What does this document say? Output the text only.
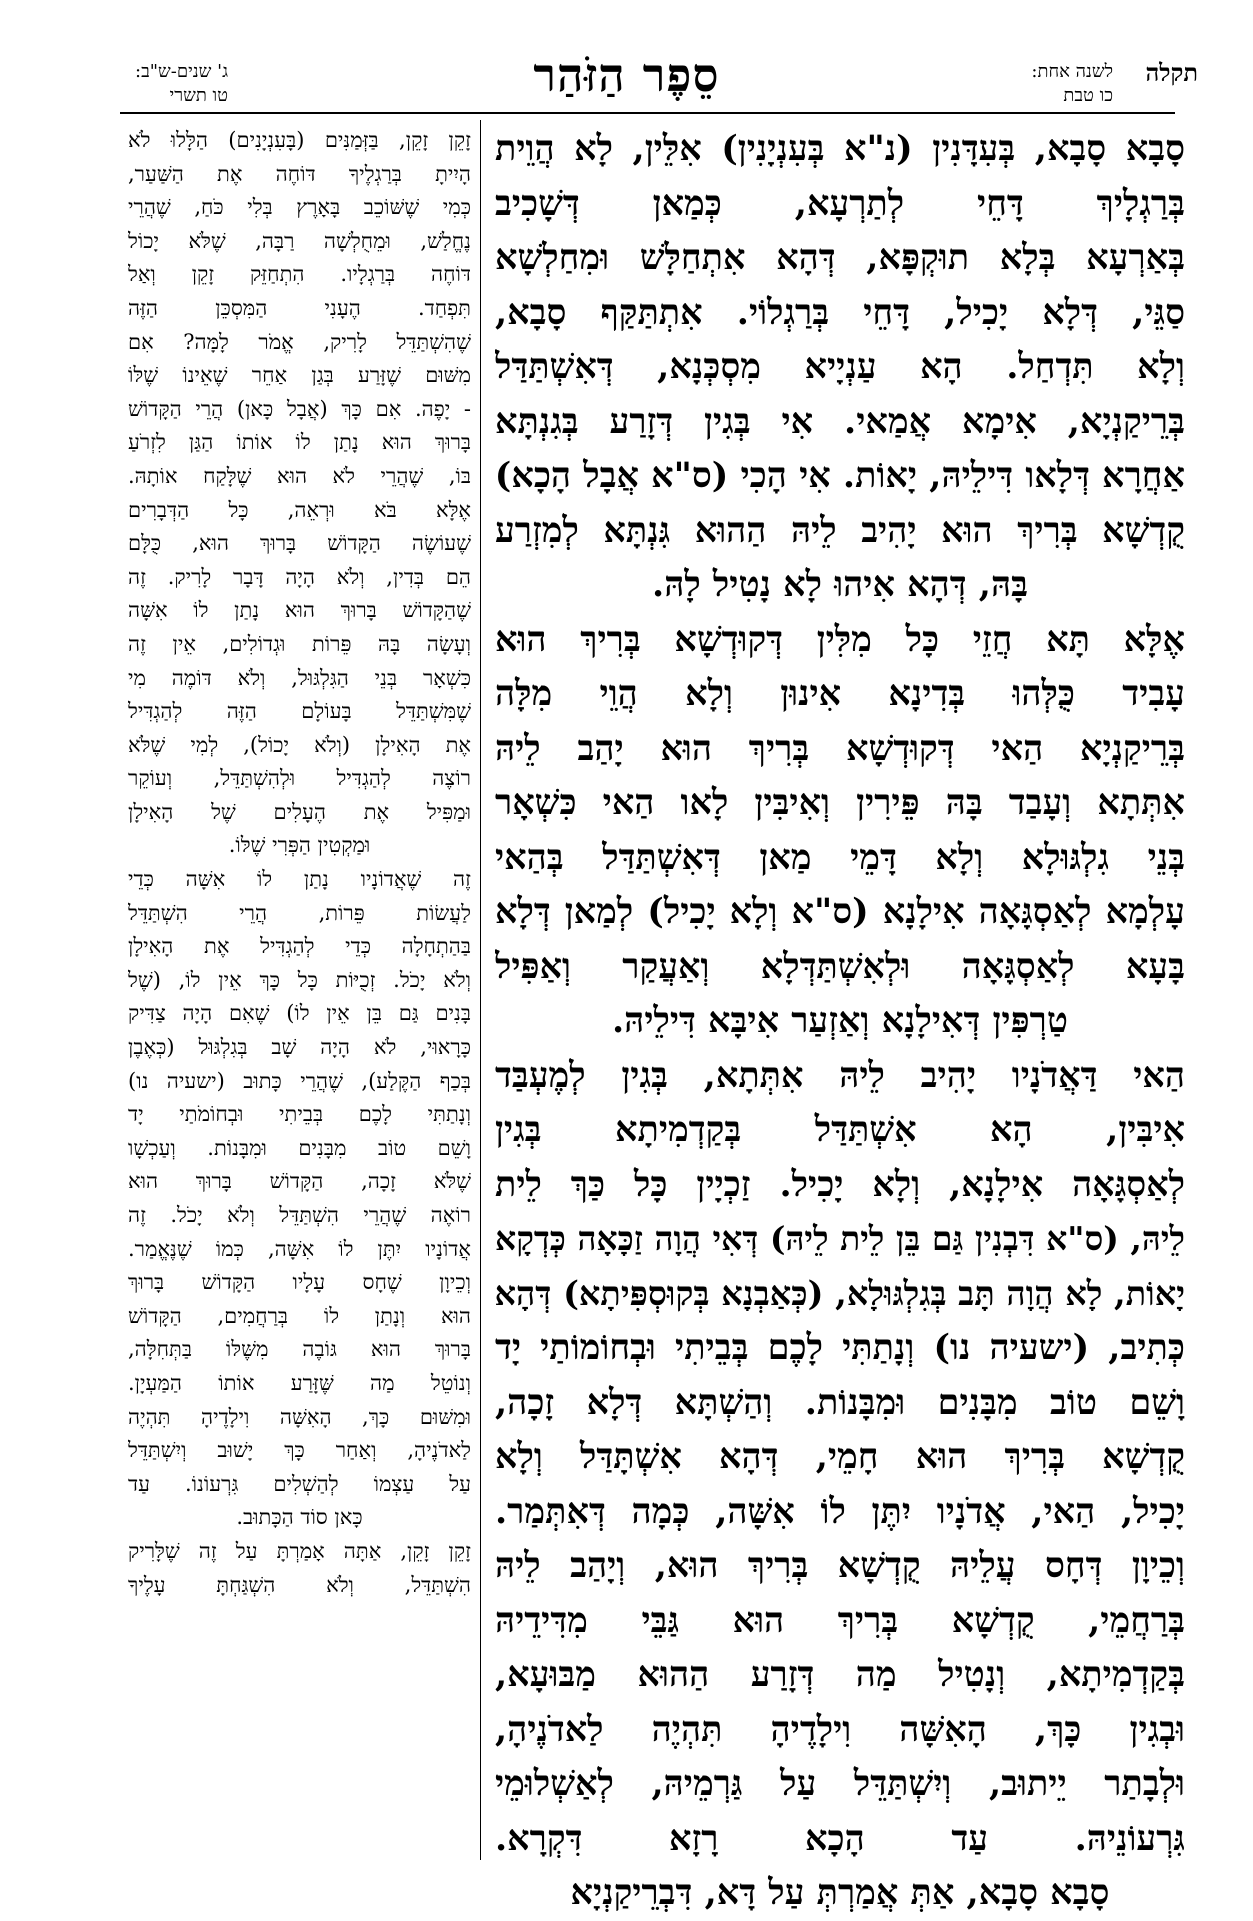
תקלה
לשנה אחת:
כו טבת
סֵפֶר הַזֹּהַר
ג' שנים-ש"ב:
טו תשרי
סָבָא סָבָא, בְּעִדָּנִין (נ"א בְּעִנְיָנִין) אִלֵּין, לָא הֲוֵית
בְּרַגְלָיךְ דָּחֵי לְתַרְעָא, כְּמַאן דְּשָׁכִיב
בְּאַרְעָא בְּלָא תוּקְפָּא, דְּהָא אִתְחַלָּשׁ וּמִחַלְשָׁא
סַגֵּי, דְּלָא יָכִיל, דָּחֵי בְּרַגְלוֹי. אִתְתַּקַּף סָבָא,
וְלָא תִּדְחַל. הָא עַנְיָיא מִסְכְּנָא, דְּאִשְׁתַּדַּל
בְּרֵיקַנְיָא, אִימָא אֲמַאי. אִי בְּגִין דְּזָרַע בְּגִנְתָּא
אַחֲרָא דְּלָאו דִּילֵיהּ, יָאוֹת. אִי הָכִי (ס"א אֲבָל הָכָא)
קֻדְשָׁא בְּרִיךְ הוּא יָהִיב לֵיהּ הַהוּא גִּנְתָּא לְמִזְרַע
בָּהּ, דְּהָא אִיהוּ לָא נָטִיל לָהּ.
אֶלָּא תָּא חֲזֵי כָּל מִלִּין דְּקוּדְשָׁא בְּרִיךְ הוּא
עָבִיד כֻּלְּהוּ בְּדִינָא אִינוּן וְלָא הֲוֵי מִלָּה
בְּרֵיקַנְיָא הַאי דְּקוּדְשָׁא בְּרִיךְ הוּא יָהַב לֵיהּ
אִתְּתָא וְעָבַד בָּהּ פֵּירִין וְאִיבִּין לָאו הַאי כִּשְׁאָר
בְּנֵי גִלְגּוּלָא וְלָא דָּמֵי מַאן דְּאִשְׁתַּדַּל בְּהַאי
עָלְמָא לְאַסְגָּאָה אִילָנָא (ס"א וְלָא יָכִיל) לְמַאן דְּלָא
בָּעָא לְאַסְגָּאָה וּלְאִשְׁתַּדְּלָא וְאַעֲקַר וְאַפִּיל
טַרְפִּין דְּאִילָנָא וְאַזְעַר אִיבָּא דִּילֵיהּ.
הַאי דַּאֲדֹנָיו יָהִיב לֵיהּ אִתְּתָא, בְּגִין לְמֶעְבַּד
אִיבִּין, הָא אִשְׁתַּדַּל בְּקַדְמִיתָא בְּגִין
לְאַסְגָּאָה אִילָנָא, וְלָא יָכִיל. זַכְיָין כָּל כַּךְ לֵית
לֵיהּ, (ס"א דִּבְנִין גַּם בֵּן לֵית לֵיהּ) דְּאִי הֲוָה זַכָּאָה כְּדְקָא
יָאוֹת, לָא הֲוָה תָּב בְּגִלְגּוּלָא, (כְּאַבְנָא בְּקוּסְפִּיתָא) דְּהָא
כְּתִיב, (ישעיה נו) וְנָתַתִּי לָכֶם בְּבֵיתִי וּבְחוֹמוֹתַי יָד
וָשֵׁם טוֹב מִבָּנִים וּמִבָּנוֹת. וְהַשְׁתָּא דְּלָא זָכָה,
קֻדְשָׁא בְּרִיךְ הוּא חָמֵי, דְּהָא אִשְׁתָּדַּל וְלָא
יָכִיל, הַאי, אֲדֹנָיו יִתֶּן לוֹ אִשָּׁה, כְּמָה דְּאִתְּמַר.
וְכֵיוָן דְּחָס עֲלֵיהּ קֻדְשָׁא בְּרִיךְ הוּא, וְיָהַב לֵיהּ
בְּרַחֲמֵי, קֻדְשָׁא בְּרִיךְ הוּא גַּבֵּי מִדִּידֵיהּ
בְּקַדְמִיתָא, וְנָטִיל מַה דְּזָרַע הַהוּא מַבּוּעָא,
וּבְגִין כָּךְ, הָאִשָּׁה וִילָדֶיהָ תִּהְיֶה לַאדֹנֶיהָ,
וּלְבָתַר יֵיתוּב, וְיִשְׁתַּדֵּל עַל גַּרְמֵיהּ, לְאַשְׁלוּמֵי
גִּרְעוֹנֵיהּ. עַד הָכָא רָזָא דִּקְרָא.
סָבָא סָבָא, אַתְּ אֲמַרְתְּ עַל דָּא, דִּבְרֵיקַנְיָא
זָקֵן זָקֵן, בַּזְּמַנִּים (בָּעִנְיָנִים) הַלָּלוּ לֹא
הָיִיתָ בְּרַגְלֶיךָ דּוֹחֶה אֶת הַשַּׁעַר,
כְּמִי שֶׁשּׁוֹכֵב בָּאָרֶץ בְּלִי כֹּחַ, שֶׁהֲרֵי
נֶחֱלַשׁ, וּמֵחֻלְשָׁה רַבָּה, שֶׁלֹּא יָכוֹל
דּוֹחֶה בְּרַגְלָיו. הִתְחַזֵּק זָקֵן וְאַל
תִּפְחַד. הֶעָנִי הַמִּסְכֵּן הַזֶּה
שֶׁהִשְׁתַּדֵּל לָרִיק, אֱמֹר לָמָּה? אִם
מִשּׁוּם שֶׁזָּרַע בְּגַן אַחֵר שֶׁאֵינוֹ שֶׁלּוֹ
- יָפֶה. אִם כָּךְ (אֲבָל כָּאן) הֲרֵי הַקָּדוֹשׁ
בָּרוּךְ הוּא נָתַן לוֹ אוֹתוֹ הַגַּן לִזְרֹעַ
בּוֹ, שֶׁהֲרֵי לֹא הוּא שֶׁלָּקַח אוֹתָהּ.
אֶלָּא בֹּא וּרְאֵה, כָּל הַדְּבָרִים
שֶׁעוֹשֶׂה הַקָּדוֹשׁ בָּרוּךְ הוּא, כֻּלָּם
הֵם בְּדִין, וְלֹא הָיָה דָּבָר לָרִיק. זֶה
שֶׁהַקָּדוֹשׁ בָּרוּךְ הוּא נָתַן לוֹ אִשָּׁה
וְעָשָׂה בָּהּ פֵּרוֹת וּגְדוֹלִים, אֵין זֶה
כִּשְׁאָר בְּנֵי הַגִּלְגּוּל, וְלֹא דּוֹמֶה מִי
שֶׁמִּשְׁתַּדֵּל בָּעוֹלָם הַזֶּה לְהַגְדִּיל
אֶת הָאִילָן (וְלֹא יָכוֹל), לְמִי שֶׁלֹּא
רוֹצֶה לְהַגְדִּיל וּלְהִשְׁתַּדֵּל, וְעוֹקֵר
וּמַפִּיל אֶת הֶעָלִים שֶׁל הָאִילָן
וּמַקְטִין הַפְּרִי שֶׁלּוֹ.
זֶה שֶׁאֲדוֹנָיו נָתַן לוֹ אִשָּׁה כְּדֵי
לַעֲשׂוֹת פֵּרוֹת, הֲרֵי הִשְׁתַּדֵּל
בַּהַתְחָלָה כְּדֵי לְהַגְדִּיל אֶת הָאִילָן
וְלֹא יָכֹל. זְכֻיּוֹת כָּל כָּךְ אֵין לוֹ, (שֶׁל
בָּנִים גַּם בֵּן אֵין לוֹ) שֶׁאִם הָיָה צַדִּיק
כָּרָאוּי, לֹא הָיָה שָׁב בְּגִלְגּוּל (כְּאֶבֶן
בְּכַף הַקֶּלַע), שֶׁהֲרֵי כָּתוּב (ישעיה נו)
וְנָתַתִּי לָכֶם בְּבֵיתִי וּבְחוֹמֹתַי יָד
וָשֵׁם טוֹב מִבָּנִים וּמִבָּנוֹת. וְעַכְשָׁו
שֶׁלֹּא זָכָה, הַקָּדוֹשׁ בָּרוּךְ הוּא
רוֹאֶה שֶׁהֲרֵי הִשְׁתַּדֵּל וְלֹא יָכֹל. זֶה
אֲדוֹנָיו יִתֶּן לוֹ אִשָּׁה, כְּמוֹ שֶׁנֶּאֱמַר.
וְכֵיוָן שֶׁחָס עָלָיו הַקָּדוֹשׁ בָּרוּךְ
הוּא וְנָתַן לוֹ בְּרַחֲמִים, הַקָּדוֹשׁ
בָּרוּךְ הוּא גּוֹבֶה מִשֶּׁלּוֹ בַּתְּחִלָּה,
וְנוֹטֵל מַה שֶּׁזָּרַע אוֹתוֹ הַמַּעְיָן.
וּמִשּׁוּם כָּךְ, הָאִשָּׁה וִילָדֶיהָ תִּהְיֶה
לַאדֹנֶיהָ, וְאַחַר כָּךְ יָשׁוּב וְיִשְׁתַּדֵּל
עַל עַצְמוֹ לְהַשְׁלִים גִּרְעוֹנוֹ. עַד
כָּאן סוֹד הַכָּתוּב.
זָקֵן זָקֵן, אַתָּה אָמַרְתָּ עַל זֶה שֶׁלָּרִיק
הִשְׁתַּדֵּל, וְלֹא הִשְׁגַּחְתָּ עָלֶיךָ
